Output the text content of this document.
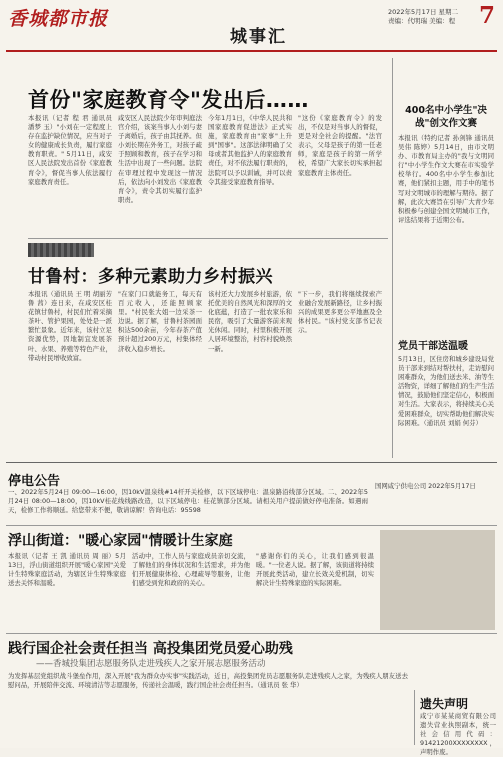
香城都市报
城事汇
2022年5月17日 星期二
责编：代明瑞 美编：程 7
首份"家庭教育令"发出后……
本报讯（记者 程 君 通讯员 潘梦 玉）"小刘在一定程度上存在监护缺位情况，应当对子女的健康成长负责，履行家庭教育职责。" 5月11日，咸安区人民法院发出首份《家庭教育令》，督促当事人依法履行家庭教育责任。
咸安区人民法院少年审判庭法官介绍，该案当事人小刘与妻子离婚后，孩子由其抚养。但小刘长期在外务工，对孩子疏于照顾和教育，孩子在学习和生活中出现了一些问题。法院在审理过程中发现这一情况后，依法向小刘发出《家庭教育令》，责令其切实履行监护职责。
今年1月1日，《中华人民共和国家庭教育促进法》正式实施，家庭教育由"家事"上升到"国事"。这部法律明确了父母或者其他监护人的家庭教育责任，对不依法履行职责的，法院可以予以训诫，并可以责令其接受家庭教育指导。
"这份《家庭教育令》的发出，不仅是对当事人的督促，更是对全社会的提醒。"法官表示，父母是孩子的第一任老师，家庭是孩子的第一所学校，希望广大家长切实承担起家庭教育主体责任。
400名中小学生"决战"创文作文赛
本报讯（特约记者 孙剑锋 通讯员吴伟 陈婷）5月14日，由市文明办、市教育局主办的"我与文明同行"中小学生作文大赛在市实验学校举行。400名中小学生参加比赛，他们紧扣主题，用手中的笔书写对文明城市的理解与期待。据了解，此次大赛旨在引导广大青少年积极参与创建全国文明城市工作，评选结果将于近期公布。
甘鲁村：多种元素助力乡村振兴
本报讯（通讯员 王 明 胡丽芳 鲁 茜）连日来，在咸安区桂花镇甘鲁村，村民们忙着采摘茶叶、管护果园，处处是一派繁忙景象。近年来，该村立足资源优势，因地制宜发展茶叶、水果、养殖等特色产业，带动村民增收致富。
"在家门口就能务工，每天有百元收入，还能照顾家里。"村民张大姐一边采茶一边说。据了解，甘鲁村茶园面积达500余亩，今年春茶产值预计超过200万元，村集体经济收入稳步增长。
该村还大力发展乡村旅游，依托优美的自然风光和深厚的文化底蕴，打造了一批农家乐和民宿，吸引了大量游客前来观光休闲。同时，村里积极开展人居环境整治，村容村貌焕然一新。
"下一步，我们将继续探索产业融合发展新路径，让乡村振兴的成果更多更公平地惠及全体村民。"该村党支部书记表示。
党员干部送温暖
5月13日，区住房和城乡建设局党员干部来到结对帮扶村，走访慰问困难群众，为他们送去米、油等生活物资，详细了解他们的生产生活情况，鼓励他们坚定信心，积极面对生活。大家表示，将持续关心关爱困难群众，切实帮助他们解决实际困难。（通讯员 刘娟 何芬）
停电公告
一、2022年5月24日 09:00—16:00，因10kV温泉线#14杆开关检修，以下区域停电：温泉路沿线部分区域。二、2022年5月24日 08:00—18:00，因10kV桂花线线路改造，以下区域停电：桂花镇部分区域。请相关用户提前做好停电准备。如遇雨天，检修工作将顺延。给您带来不便，敬请谅解！咨询电话：95598
国网咸宁供电公司 2022年5月17日
浮山街道："暖心家园"情暖计生家庭
本报讯（记者 王 凯 通讯员 周 丽）5月13日，浮山街道组织开展"暖心家园"关爱计生特殊家庭活动，为辖区计生特殊家庭送去关怀和温暖。
活动中，工作人员与家庭成员亲切交流，了解他们的身体状况和生活需求，并为他们开展健康体检、心理疏导等服务，让他们感受到党和政府的关心。
"感谢你们的关心，让我们感到很温暖。"一位老人说。据了解，该街道将持续开展此类活动，建立长效关爱机制，切实解决计生特殊家庭的实际困难。
践行国企社会责任担当 高投集团党员爱心助残
——香城投集团志愿服务队走进残疾人之家开展志愿服务活动
为发挥基层党组织战斗堡垒作用，深入开展"我为群众办实事"实践活动，近日，高投集团党员志愿服务队走进残疾人之家，为残疾人朋友送去慰问品，开展陪伴交流、环境清洁等志愿服务，传递社会温暖，践行国企社会责任担当。（通讯员 张 华）
遗失声明
咸宁市某某商贸有限公司遗失营业执照副本，统一社会信用代码：91421200XXXXXXXX，声明作废。
